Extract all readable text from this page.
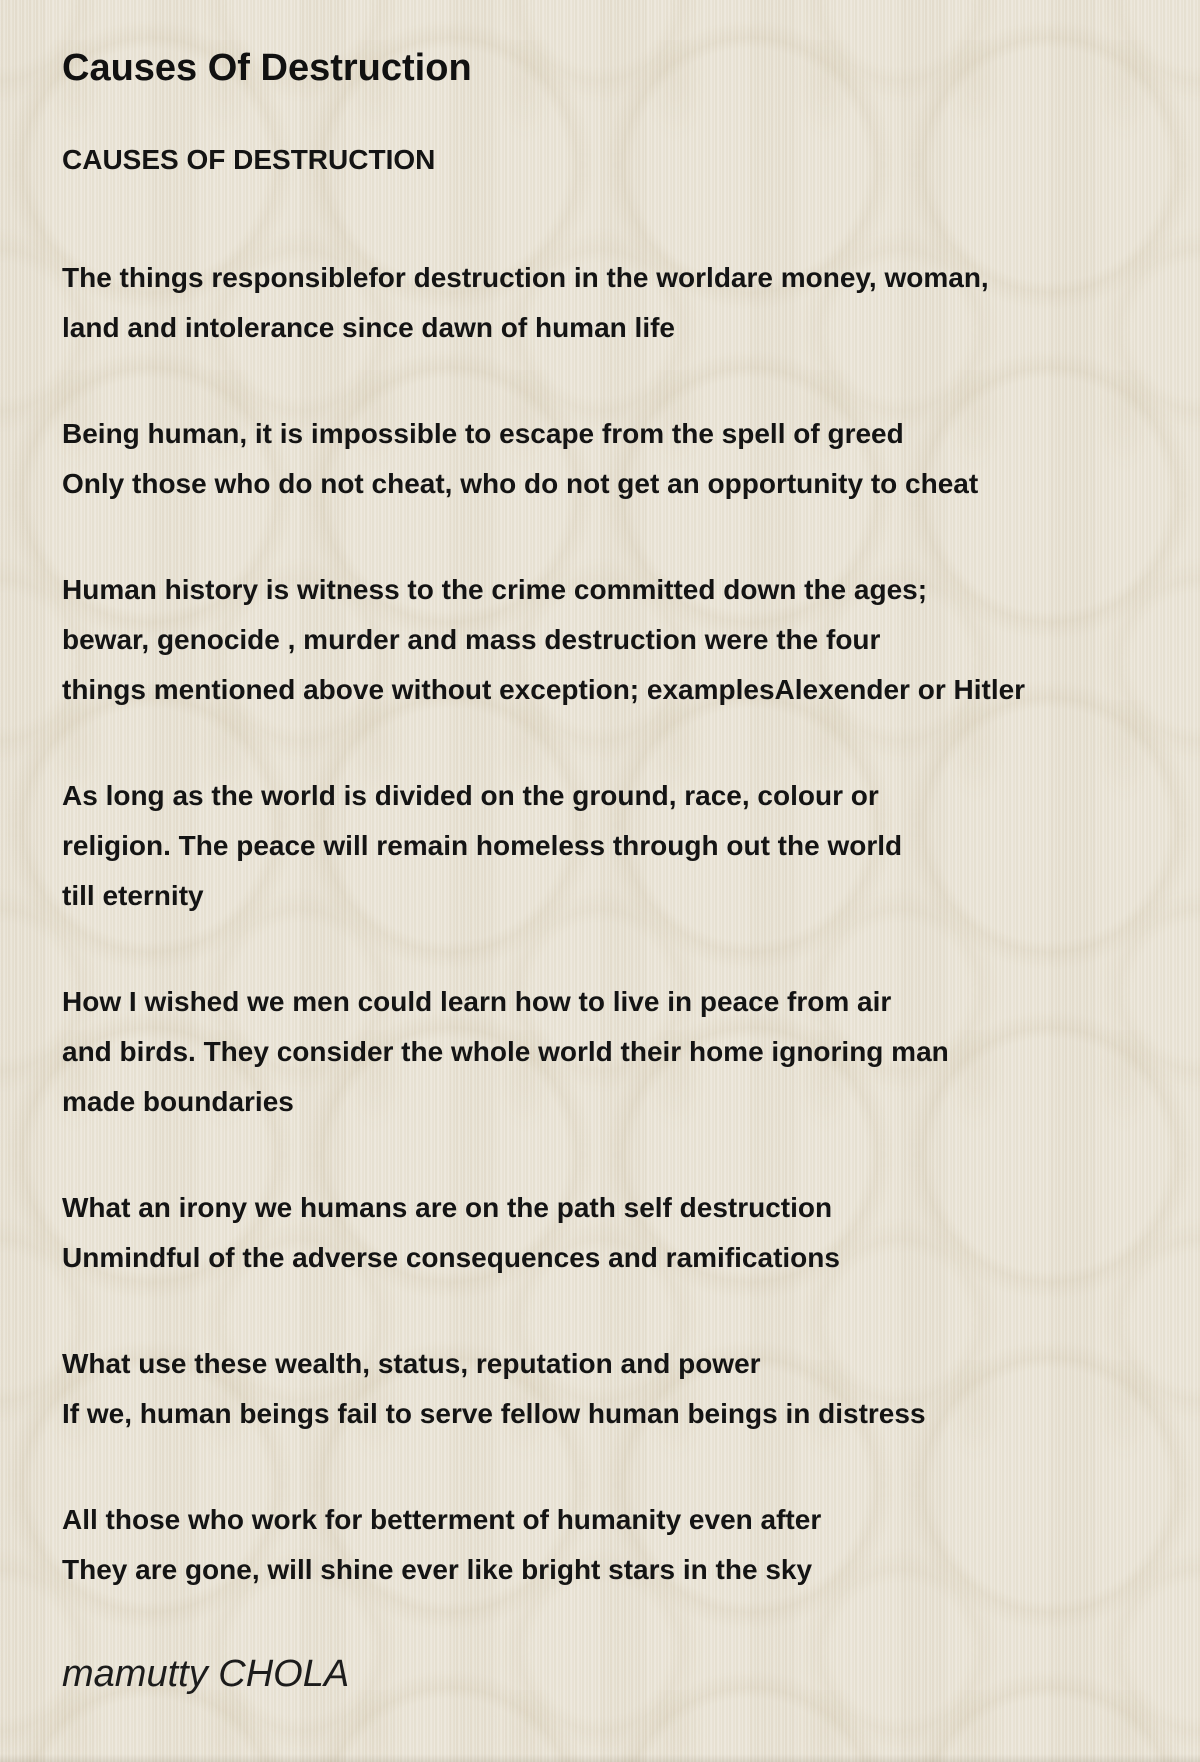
Causes Of Destruction
CAUSES OF DESTRUCTION
The things responsiblefor destruction in the worldare money, woman,
land and intolerance since dawn of human life
Being human, it is impossible to escape from the spell of greed
Only those who do not cheat, who do not get an opportunity to cheat
Human history is witness to the crime committed down the ages;
bewar, genocide , murder and mass destruction were the four
things mentioned above without exception; examplesAlexender or Hitler
As long as the world is divided on the ground, race, colour or
religion. The peace will remain homeless through out the world
till eternity
How I wished we men could learn how to live in peace from air
and birds. They consider the whole world their home ignoring man
made boundaries
What an irony we humans are on the path self destruction
Unmindful of the adverse consequences and ramifications
What use these wealth, status, reputation and power
If we, human beings fail to serve fellow human beings in distress
All those who work for betterment of humanity even after
They are gone, will shine ever like bright stars in the sky
mamutty CHOLA
